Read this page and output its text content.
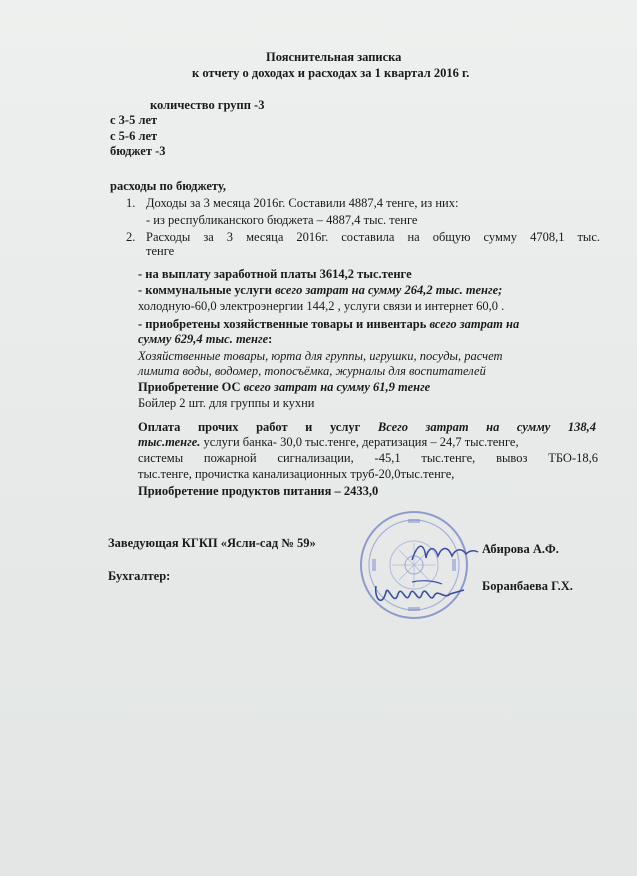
Пояснительная записка
к отчету о доходах и расходах за 1 квартал 2016 г.
количество групп -3
с 3-5 лет
с 5-6 лет
бюджет -3
расходы по бюджету,
1. Доходы за 3 месяца 2016г. Составили 4887,4 тенге, из них:
- из республиканского бюджета – 4887,4 тыс. тенге
2. Расходы за 3 месяца 2016г. составила на общую сумму 4708,1 тыс.
тенге
- на выплату заработной платы 3614,2 тыс.тенге
- коммунальные услуги всего затрат на сумму 264,2 тыс. тенге;
холодную-60,0 электроэнергии 144,2 , услуги связи и интернет 60,0 .
- приобретены хозяйственные товары и инвентарь всего затрат на
сумму 629,4 тыс. тенге:
Хозяйственные товары, юрта для группы, игрушки, посуды, расчет
лимита воды, водомер, топосъёмка, журналы для воспитателей
Приобретение ОС всего затрат на сумму 61,9 тенге
Бойлер 2 шт. для группы и кухни
Оплата прочих работ и услуг Всего затрат на сумму 138,4
тыс.тенге. услуги банка- 30,0 тыс.тенге, дератизация – 24,7 тыс.тенге,
системы пожарной сигнализации, -45,1 тыс.тенге, вывоз ТБО-18,6
тыс.тенге, прочистка канализационных труб-20,0тыс.тенге,
Приобретение продуктов питания – 2433,0
Заведующая КГКП «Ясли-сад № 59»	Абирова А.Ф.
Бухгалтер:
Боранбаева Г.Х.
